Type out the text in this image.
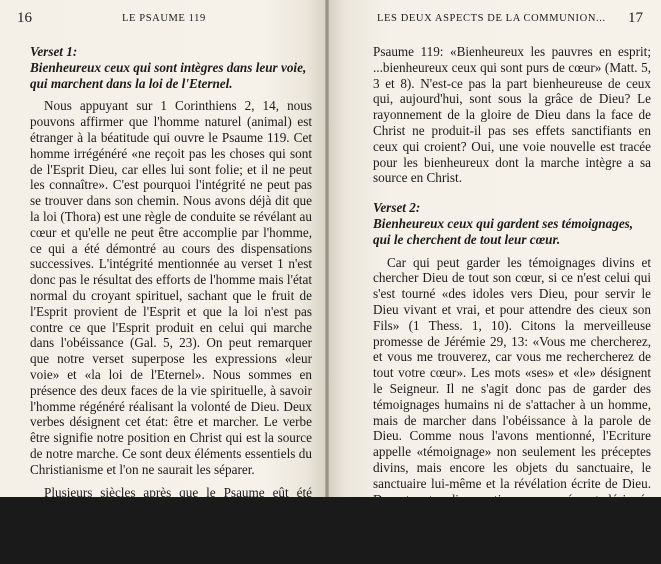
16	LE PSAUME 119

Verset 1:
Bienheureux ceux qui sont intègres dans leur voie, qui marchent dans la loi de l'Eternel.

Nous appuyant sur 1 Corinthiens 2, 14, nous pouvons affirmer que l'homme naturel (animal) est étranger à la béatitude qui ouvre le Psaume 119. Cet homme irrégénéré «ne reçoit pas les choses qui sont de l'Esprit Dieu, car elles lui sont folie; et il ne peut les connaître». C'est pourquoi l'intégrité ne peut pas se trouver dans son chemin. Nous avons déjà dit que la loi (Thora) est une règle de conduite se révélant au cœur et qu'elle ne peut être accomplie par l'homme, ce qui a été démontré au cours des dispensations successives. L'intégrité mentionnée au verset 1 n'est donc pas le résultat des efforts de l'homme mais l'état normal du croyant spirituel, sachant que le fruit de l'Esprit provient de l'Esprit et que la loi n'est pas contre ce que l'Esprit produit en celui qui marche dans l'obéissance (Gal. 5, 23). On peut remarquer que notre verset superpose les expressions «leur voie» et «la loi de l'Eternel». Nous sommes en présence des deux faces de la vie spirituelle, à savoir l'homme régénéré réalisant la volonté de Dieu. Deux verbes désignent cet état: être et marcher. Le verbe être signifie notre position en Christ qui est la source de notre marche. Ce sont deux éléments essentiels du Christianisme et l'on ne saurait les séparer.

Plusieurs siècles après que le Psaume eût été prononcé, la voix de Celui qui inspira le psalmiste s'est fait entendre sur les collines d'Israël, révélant le secret de l'intégrité dont il est question au premier verset du

LES DEUX ASPECTS DE LA COMMUNION... 17

Psaume 119: «Bienheureux les pauvres en esprit; ...bienheureux ceux qui sont purs de cœur» (Matt. 5, 3 et 8). N'est-ce pas la part bienheureuse de ceux qui, aujourd'hui, sont sous la grâce de Dieu? Le rayonnement de la gloire de Dieu dans la face de Christ ne produit-il pas ses effets sanctifiants en ceux qui croient? Oui, une voie nouvelle est tracée pour les bienheureux dont la marche intègre a sa source en Christ.

Verset 2:
Bienheureux ceux qui gardent ses témoignages, qui le cherchent de tout leur cœur.

Car qui peut garder les témoignages divins et chercher Dieu de tout son cœur, si ce n'est celui qui s'est tourné «des idoles vers Dieu, pour servir le Dieu vivant et vrai, et pour attendre des cieux son Fils» (1 Thess. 1, 10). Citons la merveilleuse promesse de Jérémie 29, 13: «Vous me chercherez, et vous me trouverez, car vous me rechercherez de tout votre cœur». Les mots «ses» et «le» désignent le Seigneur. Il ne s'agit donc pas de garder des témoignages humains ni de s'attacher à un homme, mais de marcher dans l'obéissance à la parole de Dieu. Comme nous l'avons mentionné, l'Ecriture appelle «témoignage» non seulement les préceptes divins, mais encore les objets du sanctuaire, le sanctuaire lui-même et la révélation écrite de Dieu. Durant notre dispensation communément désignée par l'expression «dispensation de l'Eglise», nous avons à garder tout le dépôt du Christianisme, savoir Christ et Son Assemblée. Aussi celui
